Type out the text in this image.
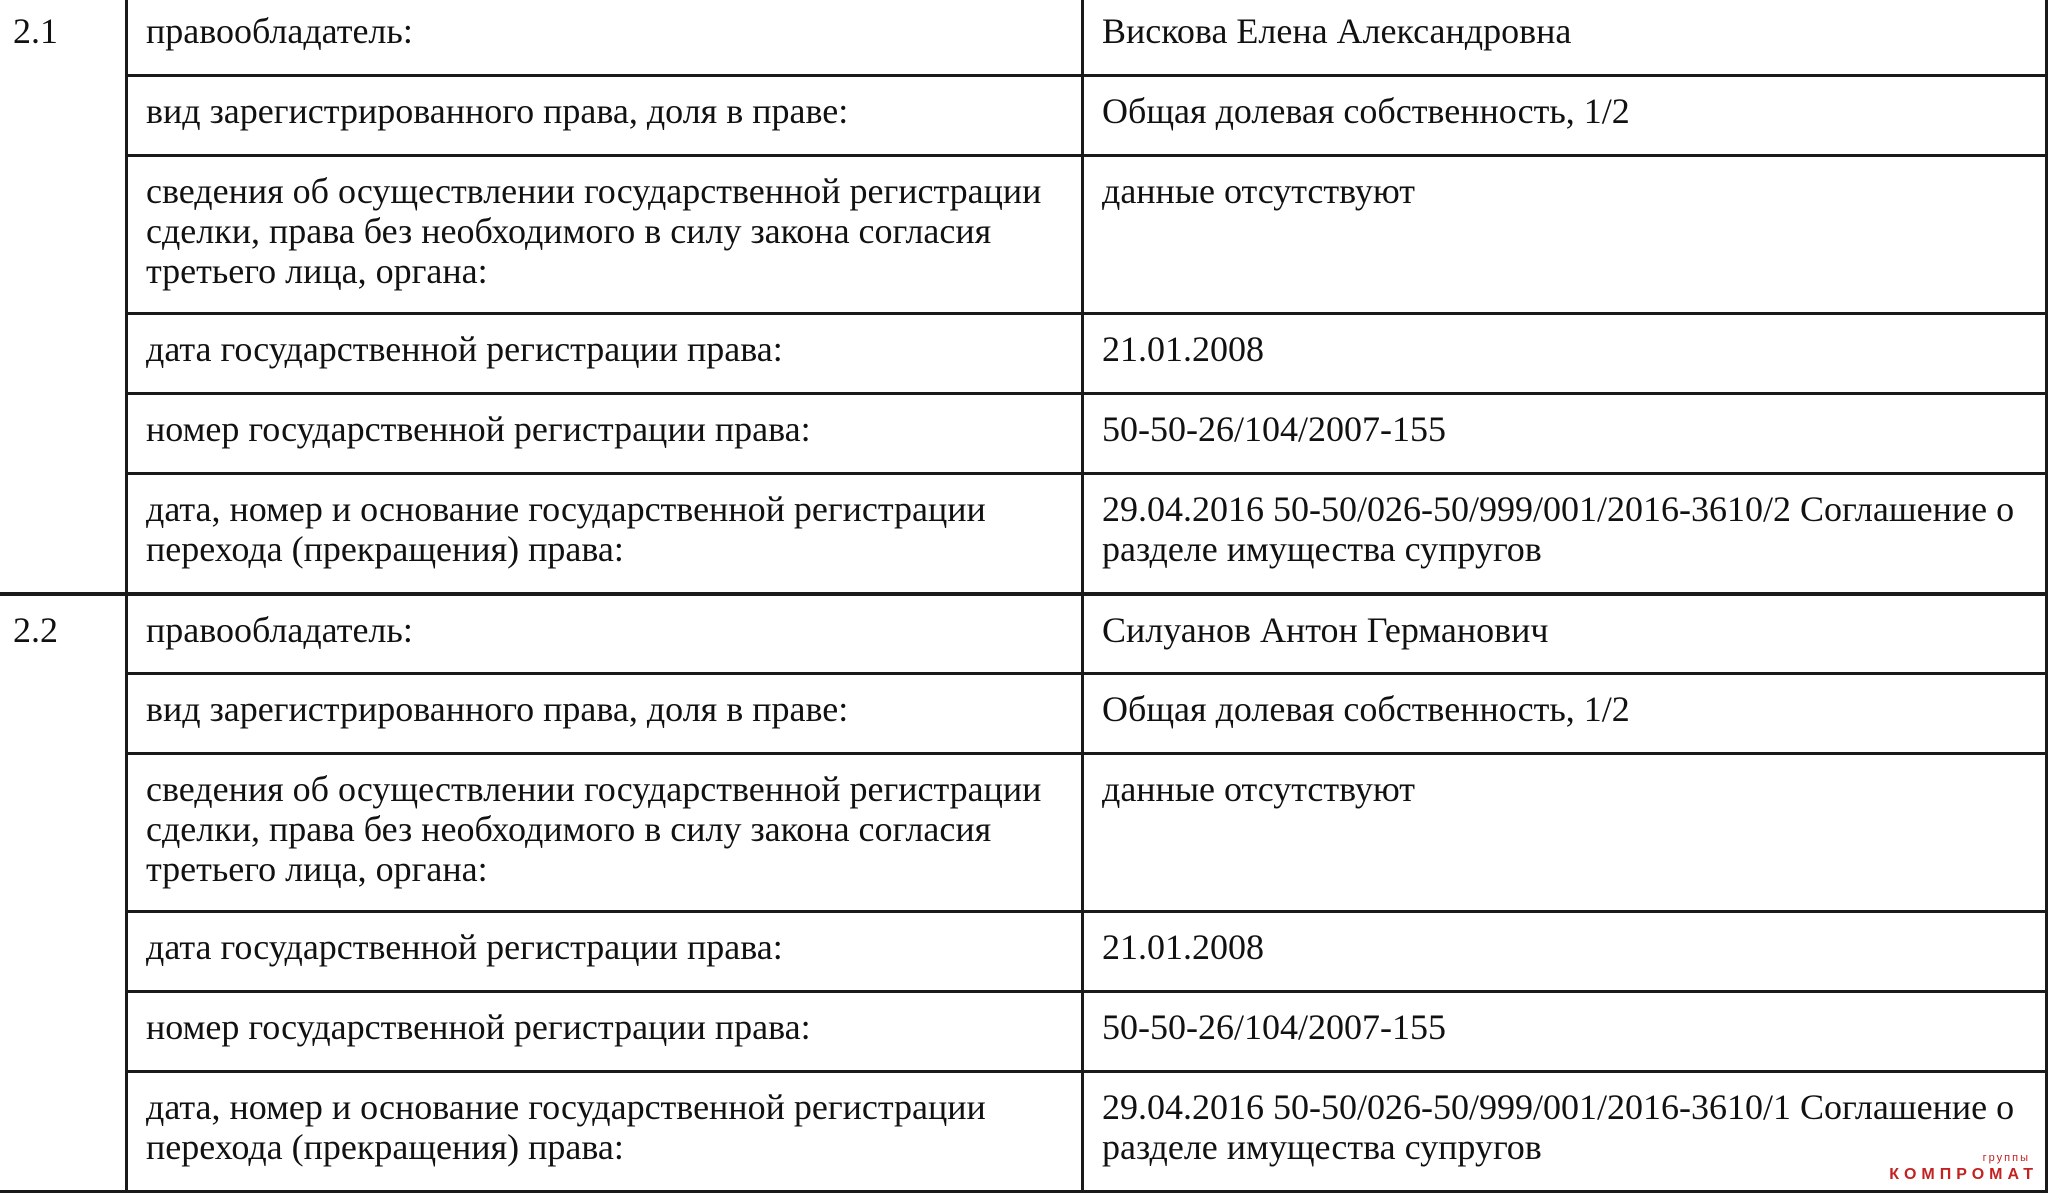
2.1	правообладатель:	Вискова Елена Александровна
	вид зарегистрированного права, доля в праве:	Общая долевая собственность, 1/2
	сведения об осуществлении государственной регистрации сделки, права без необходимого в силу закона согласия третьего лица, органа:	данные отсутствуют
	дата государственной регистрации права:	21.01.2008
	номер государственной регистрации права:	50-50-26/104/2007-155
	дата, номер и основание государственной регистрации перехода (прекращения) права:	29.04.2016 50-50/026-50/999/001/2016-3610/2 Соглашение о разделе имущества супругов
2.2	правообладатель:	Силуанов Антон Германович
	вид зарегистрированного права, доля в праве:	Общая долевая собственность, 1/2
	сведения об осуществлении государственной регистрации сделки, права без необходимого в силу закона согласия третьего лица, органа:	данные отсутствуют
	дата государственной регистрации права:	21.01.2008
	номер государственной регистрации права:	50-50-26/104/2007-155
	дата, номер и основание государственной регистрации перехода (прекращения) права:	29.04.2016 50-50/026-50/999/001/2016-3610/1 Соглашение о разделе имущества супругов	группы
КОМПРОМАТ
